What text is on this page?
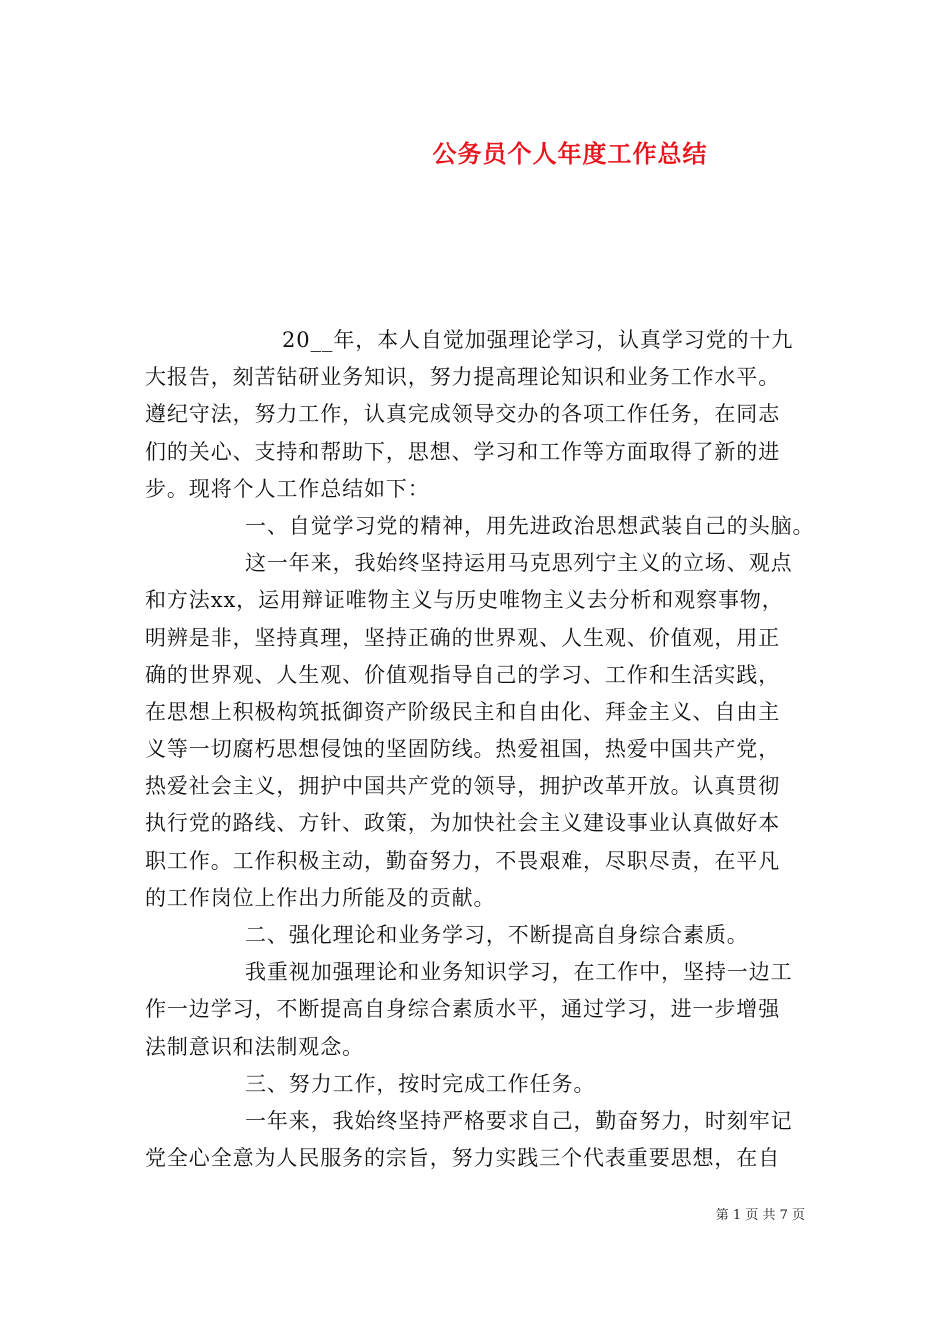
公务员个人年度工作总结
20__年，本人自觉加强理论学习，认真学习党的十九
大报告，刻苦钻研业务知识，努力提高理论知识和业务工作水平。
遵纪守法，努力工作，认真完成领导交办的各项工作任务，在同志
们的关心、支持和帮助下，思想、学习和工作等方面取得了新的进
步。现将个人工作总结如下：
一、自觉学习党的精神，用先进政治思想武装自己的头脑。
这一年来，我始终坚持运用马克思列宁主义的立场、观点
和方法xx，运用辩证唯物主义与历史唯物主义去分析和观察事物，
明辨是非，坚持真理，坚持正确的世界观、人生观、价值观，用正
确的世界观、人生观、价值观指导自己的学习、工作和生活实践，
在思想上积极构筑抵御资产阶级民主和自由化、拜金主义、自由主
义等一切腐朽思想侵蚀的坚固防线。热爱祖国，热爱中国共产党，
热爱社会主义，拥护中国共产党的领导，拥护改革开放。认真贯彻
执行党的路线、方针、政策，为加快社会主义建设事业认真做好本
职工作。工作积极主动，勤奋努力，不畏艰难，尽职尽责，在平凡
的工作岗位上作出力所能及的贡献。
二、强化理论和业务学习，不断提高自身综合素质。
我重视加强理论和业务知识学习，在工作中，坚持一边工
作一边学习，不断提高自身综合素质水平，通过学习，进一步增强
法制意识和法制观念。
三、努力工作，按时完成工作任务。
一年来，我始终坚持严格要求自己，勤奋努力，时刻牢记
党全心全意为人民服务的宗旨，努力实践三个代表重要思想，在自
第 1 页 共 7 页
